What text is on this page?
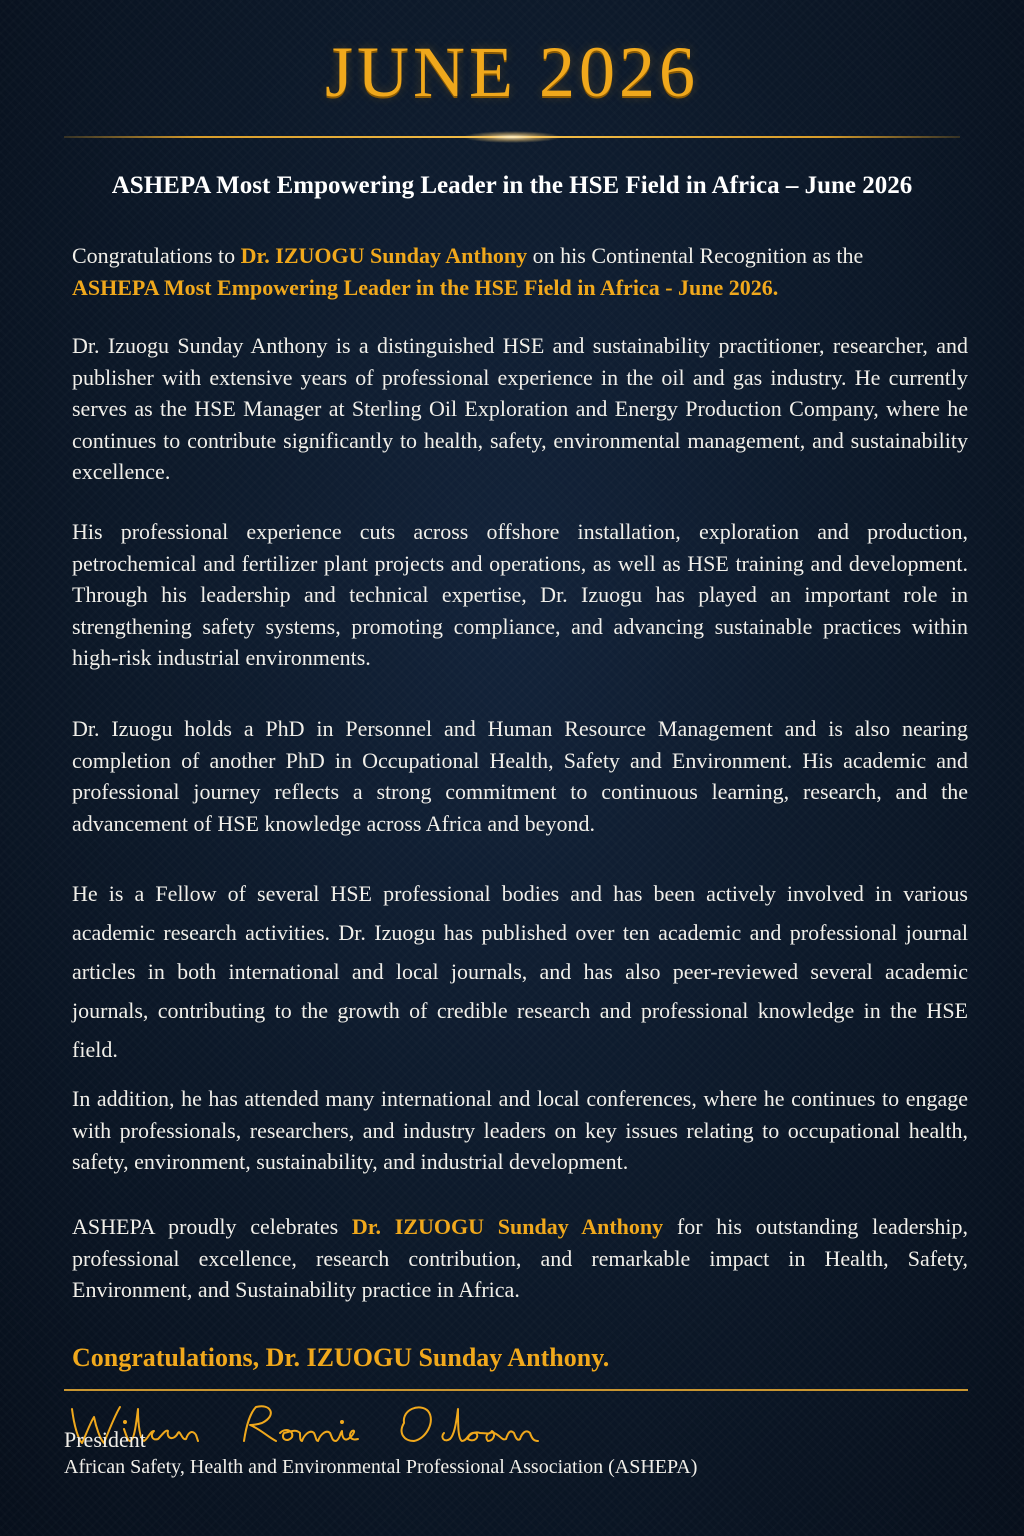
JUNE 2026
ASHEPA Most Empowering Leader in the HSE Field in Africa – June 2026
Congratulations to Dr. IZUOGU Sunday Anthony on his Continental Recognition as the
ASHEPA Most Empowering Leader in the HSE Field in Africa - June 2026.
Dr. Izuogu Sunday Anthony is a distinguished HSE and sustainability practitioner, researcher, and publisher with extensive years of professional experience in the oil and gas industry. He currently serves as the HSE Manager at Sterling Oil Exploration and Energy Production Company, where he continues to contribute significantly to health, safety, environmental management, and sustainability excellence.
His professional experience cuts across offshore installation, exploration and production, petrochemical and fertilizer plant projects and operations, as well as HSE training and development. Through his leadership and technical expertise, Dr. Izuogu has played an important role in strengthening safety systems, promoting compliance, and advancing sustainable practices within high-risk industrial environments.
Dr. Izuogu holds a PhD in Personnel and Human Resource Management and is also nearing completion of another PhD in Occupational Health, Safety and Environment. His academic and professional journey reflects a strong commitment to continuous learning, research, and the advancement of HSE knowledge across Africa and beyond.
He is a Fellow of several HSE professional bodies and has been actively involved in various academic research activities. Dr. Izuogu has published over ten academic and professional journal articles in both international and local journals, and has also peer-reviewed several academic journals, contributing to the growth of credible research and professional knowledge in the HSE field.
In addition, he has attended many international and local conferences, where he continues to engage with professionals, researchers, and industry leaders on key issues relating to occupational health, safety, environment, sustainability, and industrial development.
ASHEPA proudly celebrates Dr. IZUOGU Sunday Anthony for his outstanding leadership, professional excellence, research contribution, and remarkable impact in Health, Safety, Environment, and Sustainability practice in Africa.
Congratulations, Dr. IZUOGU Sunday Anthony.
President
African Safety, Health and Environmental Professional Association (ASHEPA)
